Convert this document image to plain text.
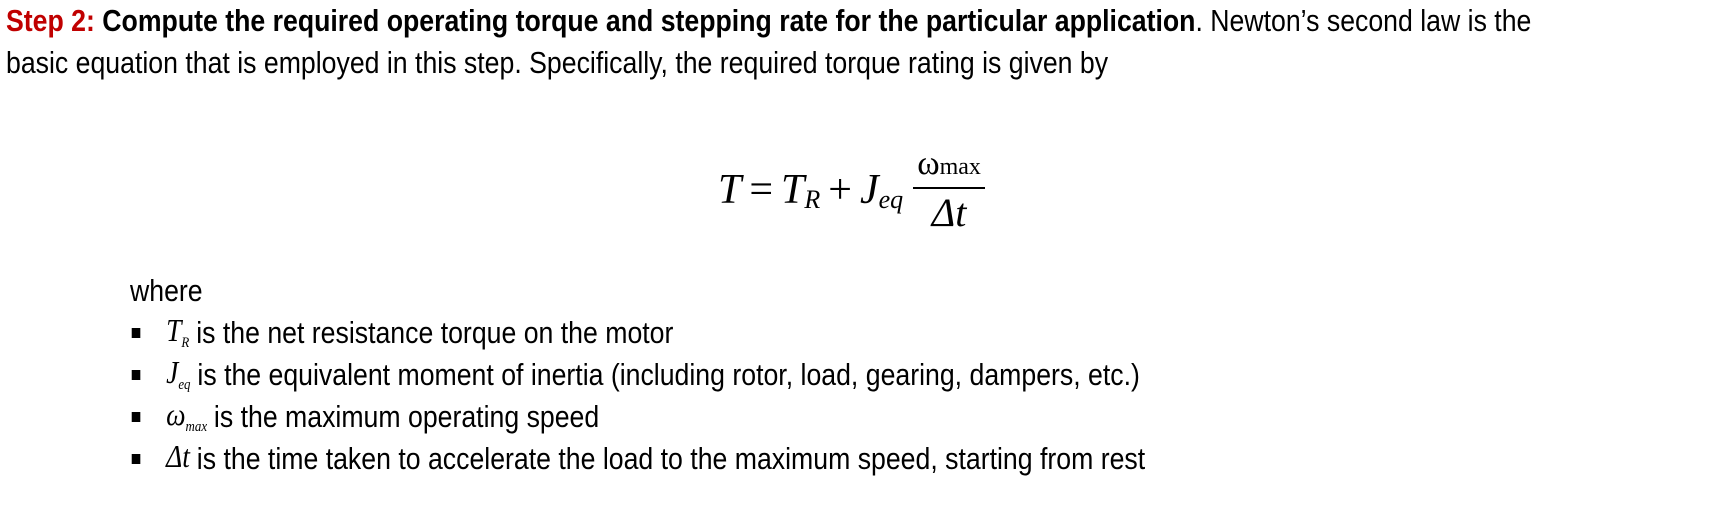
Step 2: Compute the required operating torque and stepping rate for the particular application. Newton’s second law is the
basic equation that is employed in this step. Specifically, the required torque rating is given by
T = T R + J eq $\frac{\omega\max}{\Delta t}$
where
TR is the net resistance torque on the motor
Jeq is the equivalent moment of inertia (including rotor, load, gearing, dampers, etc.)
ωmax is the maximum operating speed
Δt is the time taken to accelerate the load to the maximum speed, starting from rest
